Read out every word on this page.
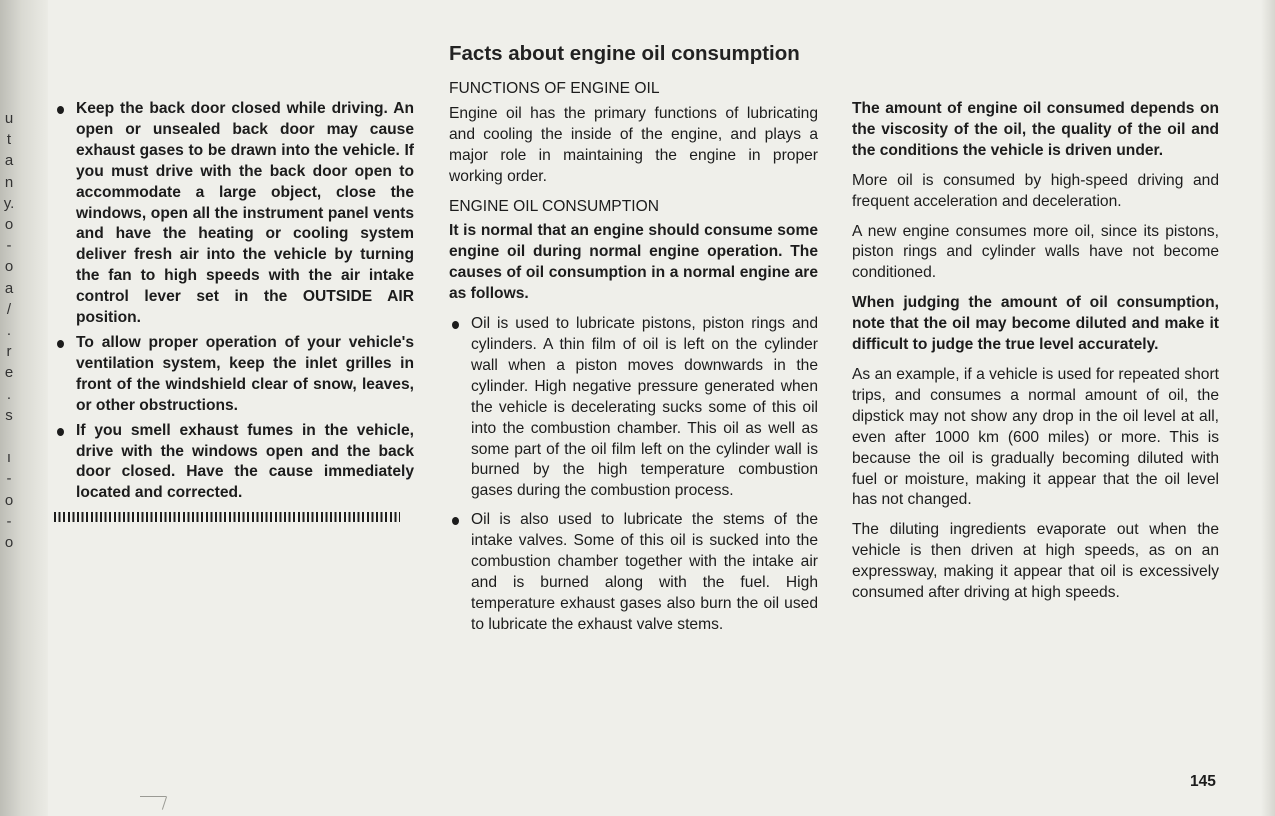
u
t
a
n
y.
o
-
o
a
/
.
r
e
.
s

ı
-
o
-
o

Keep the back door closed while driving. An open or unsealed back door may cause exhaust gases to be drawn into the vehicle. If you must drive with the back door open to accommodate a large object, close the windows, open all the instrument panel vents and have the heating or cooling system deliver fresh air into the vehicle by turning the fan to high speeds with the air intake control lever set in the OUTSIDE AIR position.

To allow proper operation of your vehicle's ventilation system, keep the inlet grilles in front of the windshield clear of snow, leaves, or other obstructions.

If you smell exhaust fumes in the vehicle, drive with the windows open and the back door closed. Have the cause immediately located and corrected.

Facts about engine oil consumption
FUNCTIONS OF ENGINE OIL

Engine oil has the primary functions of lubricating and cooling the inside of the engine, and plays a major role in maintaining the engine in proper working order.

ENGINE OIL CONSUMPTION

It is normal that an engine should consume some engine oil during normal engine operation. The causes of oil consumption in a normal engine are as follows.

Oil is used to lubricate pistons, piston rings and cylinders. A thin film of oil is left on the cylinder wall when a piston moves downwards in the cylinder. High negative pressure generated when the vehicle is decelerating sucks some of this oil into the combustion chamber. This oil as well as some part of the oil film left on the cylinder wall is burned by the high temperature combustion gases during the combustion process.

Oil is also used to lubricate the stems of the intake valves. Some of this oil is sucked into the combustion chamber together with the intake air and is burned along with the fuel. High temperature exhaust gases also burn the oil used to lubricate the exhaust valve stems.

The amount of engine oil consumed depends on the viscosity of the oil, the quality of the oil and the conditions the vehicle is driven under.

More oil is consumed by high-speed driving and frequent acceleration and deceleration.

A new engine consumes more oil, since its pistons, piston rings and cylinder walls have not become conditioned.

When judging the amount of oil consumption, note that the oil may become diluted and make it difficult to judge the true level accurately.

As an example, if a vehicle is used for repeated short trips, and consumes a normal amount of oil, the dipstick may not show any drop in the oil level at all, even after 1000 km (600 miles) or more. This is because the oil is gradually becoming diluted with fuel or moisture, making it appear that the oil level has not changed.

The diluting ingredients evaporate out when the vehicle is then driven at high speeds, as on an expressway, making it appear that oil is excessively consumed after driving at high speeds.

145
